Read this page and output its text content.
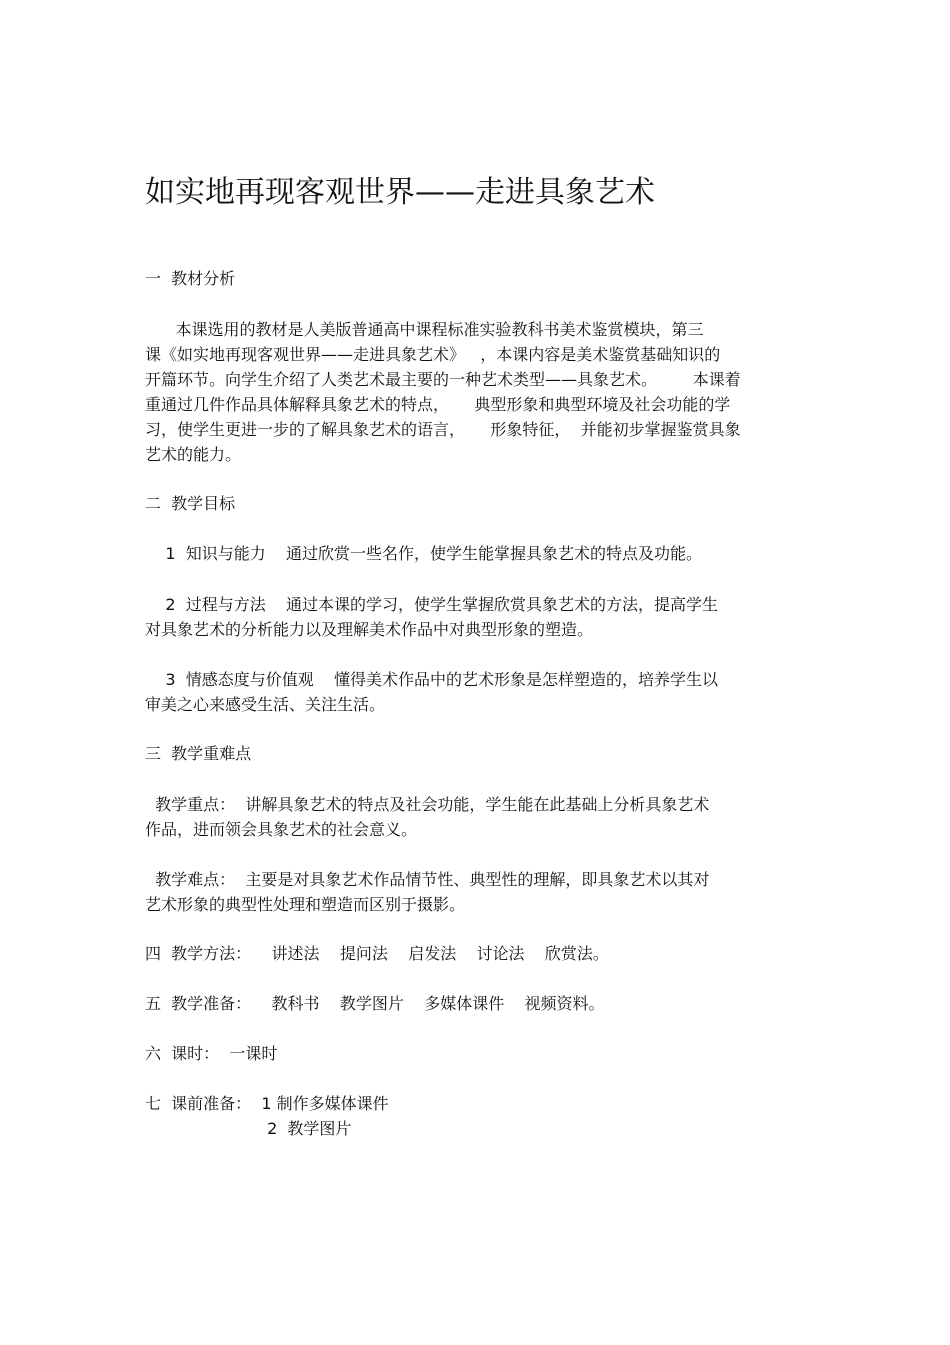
如实地再现客观世界——走进具象艺术

一  教材分析

本课选用的教材是人美版普通高中课程标准实验教科书美术鉴赏模块，第三

课《如实地再现客观世界——走进具象艺术》   ，本课内容是美术鉴赏基础知识的

开篇环节。向学生介绍了人类艺术最主要的一种艺术类型——具象艺术。       本课着

重通过几件作品具体解释具象艺术的特点，     典型形象和典型环境及社会功能的学

习，使学生更进一步的了解具象艺术的语言，     形象特征，  并能初步掌握鉴赏具象

艺术的能力。

二  教学目标

1  知识与能力    通过欣赏一些名作，使学生能掌握具象艺术的特点及功能。

2  过程与方法    通过本课的学习，使学生掌握欣赏具象艺术的方法，提高学生

对具象艺术的分析能力以及理解美术作品中对典型形象的塑造。

3  情感态度与价值观    懂得美术作品中的艺术形象是怎样塑造的，培养学生以

审美之心来感受生活、关注生活。

三  教学重难点

教学重点：  讲解具象艺术的特点及社会功能，学生能在此基础上分析具象艺术

作品，进而领会具象艺术的社会意义。

教学难点：  主要是对具象艺术作品情节性、典型性的理解，即具象艺术以其对

艺术形象的典型性处理和塑造而区别于摄影。

四  教学方法：    讲述法    提问法    启发法    讨论法    欣赏法。

五  教学准备：    教科书    教学图片    多媒体课件    视频资料。

六  课时：  一课时

七  课前准备：  1 制作多媒体课件

2  教学图片
